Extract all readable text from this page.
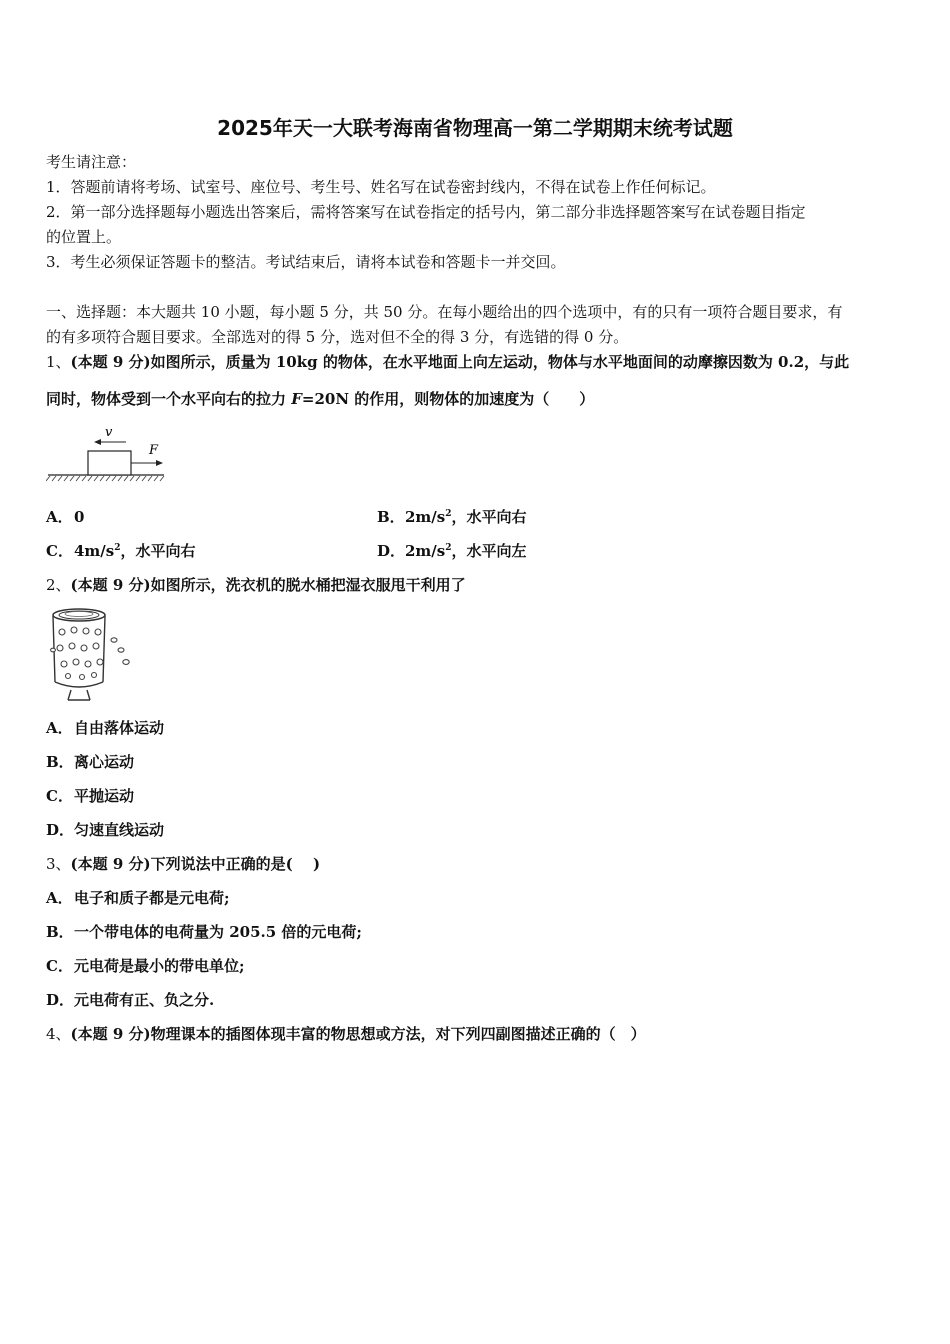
2025年天一大联考海南省物理高一第二学期期末统考试题
考生请注意：
1．答题前请将考场、试室号、座位号、考生号、姓名写在试卷密封线内，不得在试卷上作任何标记。
2．第一部分选择题每小题选出答案后，需将答案写在试卷指定的括号内，第二部分非选择题答案写在试卷题目指定
的位置上。
3．考生必须保证答题卡的整洁。考试结束后，请将本试卷和答题卡一并交回。
一、选择题：本大题共 10 小题，每小题 5 分，共 50 分。在每小题给出的四个选项中，有的只有一项符合题目要求，有
的有多项符合题目要求。全部选对的得 5 分，选对但不全的得 3 分，有选错的得 0 分。
1、(本题 9 分)如图所示，质量为 10kg 的物体，在水平地面上向左运动，物体与水平地面间的动摩擦因数为 0.2，与此
同时，物体受到一个水平向右的拉力 F=20N 的作用，则物体的加速度为（　　）
v
F
A．0	B．$2m/s^2$，水平向右
C．$4m/s^2$，水平向右	D．$2m/s^2$，水平向左
2、(本题 9 分)如图所示，洗衣机的脱水桶把湿衣服甩干利用了
A．自由落体运动
B．离心运动
C．平抛运动
D．匀速直线运动
3、(本题 9 分)下列说法中正确的是(　 )
A．电子和质子都是元电荷;
B．一个带电体的电荷量为 205.5 倍的元电荷;
C．元电荷是最小的带电单位;
D．元电荷有正、负之分.
4、(本题 9 分)物理课本的插图体现丰富的物思想或方法，对下列四副图描述正确的（　）
